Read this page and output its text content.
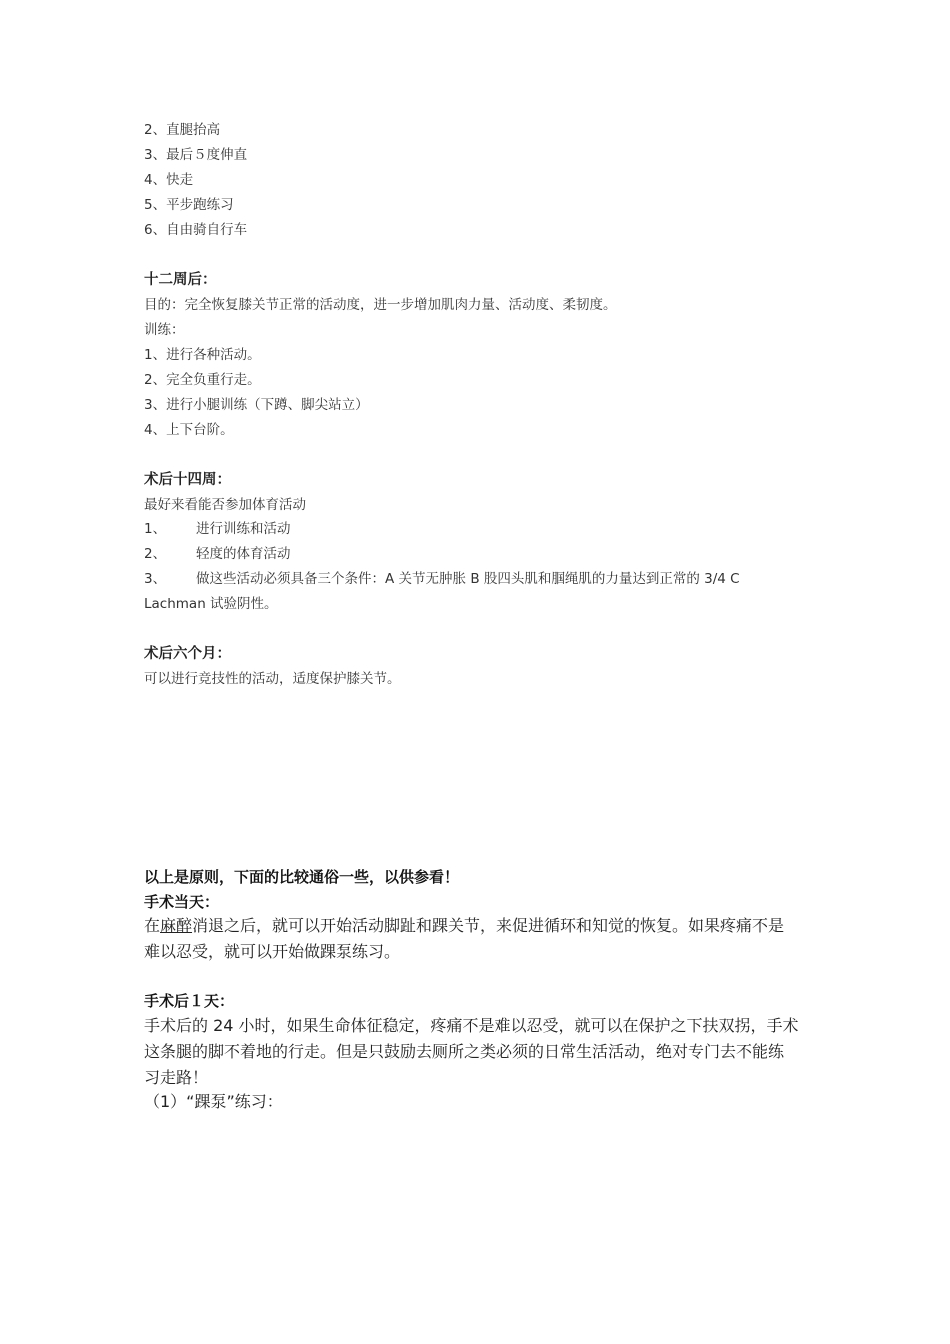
2、直腿抬高
3、最后５度伸直
4、快走
5、平步跑练习
6、自由骑自行车
十二周后：
目的：完全恢复膝关节正常的活动度，进一步增加肌肉力量、活动度、柔韧度。
训练：
1、进行各种活动。
2、完全负重行走。
3、进行小腿训练（下蹲、脚尖站立）
4、上下台阶。
术后十四周：
最好来看能否参加体育活动
1、 进行训练和活动
2、 轻度的体育活动
3、 做这些活动必须具备三个条件：A 关节无肿胀 B 股四头肌和腘绳肌的力量达到正常的 3/4 C
Lachman 试验阴性。
术后六个月：
可以进行竞技性的活动，适度保护膝关节。
以上是原则，下面的比较通俗一些，以供参看！
手术当天：
在麻醉消退之后，就可以开始活动脚趾和踝关节，来促进循环和知觉的恢复。如果疼痛不是
难以忍受，就可以开始做踝泵练习。
手术后１天：
手术后的 24 小时，如果生命体征稳定，疼痛不是难以忍受，就可以在保护之下扶双拐，手术
这条腿的脚不着地的行走。但是只鼓励去厕所之类必须的日常生活活动，绝对专门去不能练
习走路！
（1）“踝泵”练习：
